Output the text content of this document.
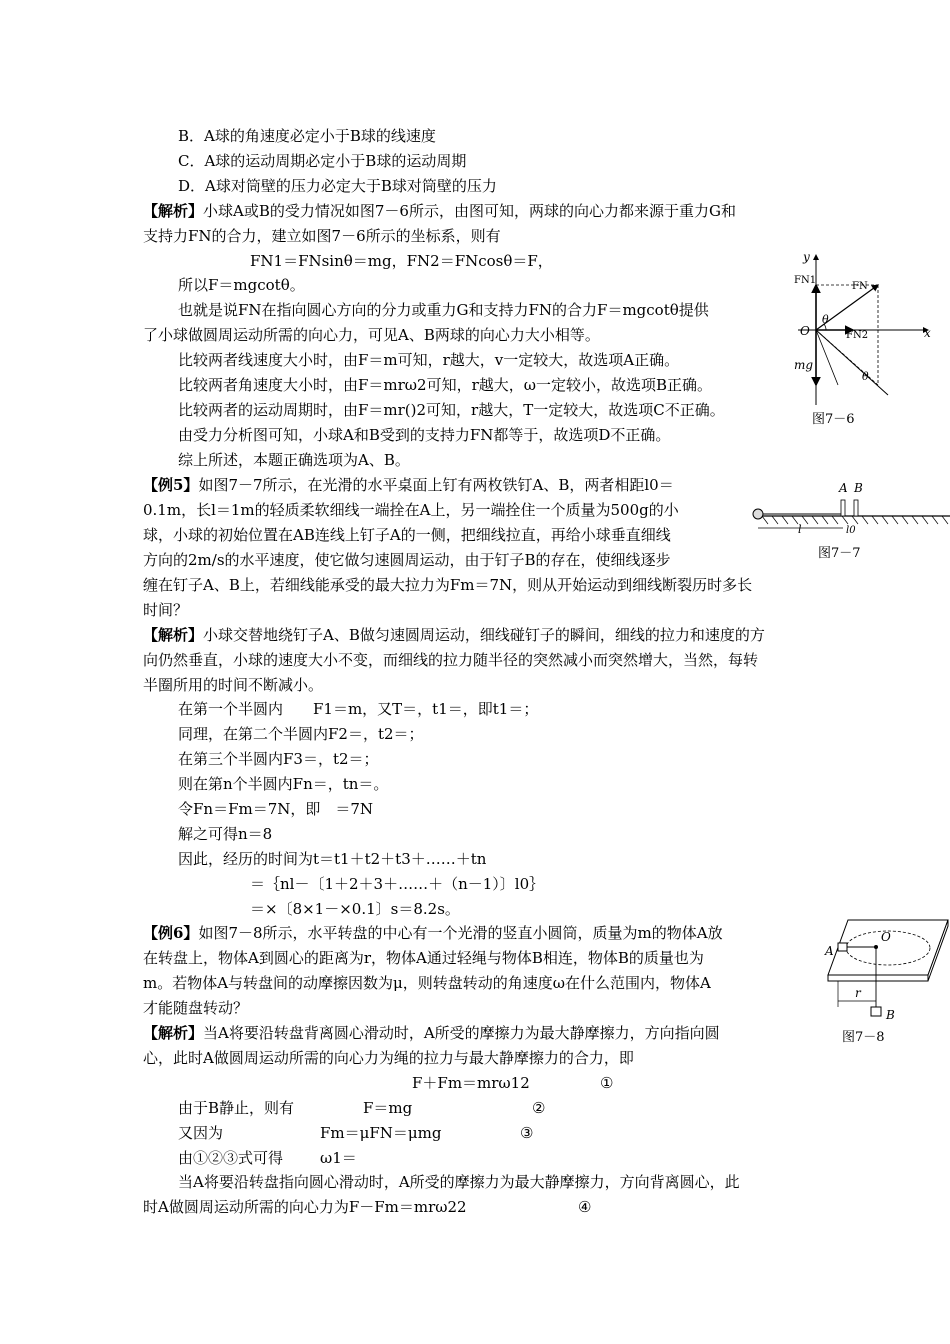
B．A球的角速度必定小于B球的线速度
C．A球的运动周期必定小于B球的运动周期
D．A球对筒壁的压力必定大于B球对筒壁的压力
【解析】小球A或B的受力情况如图7－6所示，由图可知，两球的向心力都来源于重力G和
支持力FN的合力，建立如图7－6所示的坐标系，则有
FN1＝FNsinθ＝mg，FN2＝FNcosθ＝F，
所以F＝mgcotθ。
也就是说FN在指向圆心方向的分力或重力G和支持力FN的合力F＝mgcotθ提供
了小球做圆周运动所需的向心力，可见A、B两球的向心力大小相等。
比较两者线速度大小时，由F＝m可知，r越大，v一定较大，故选项A正确。
比较两者角速度大小时，由F＝mrω2可知，r越大，ω一定较小，故选项B正确。
比较两者的运动周期时，由F＝mr()2可知，r越大，T一定较大，故选项C不正确。
由受力分析图可知，小球A和B受到的支持力FN都等于，故选项D不正确。
综上所述，本题正确选项为A、B。
y
x
O
FN1
FN
FN2
θ
θ
mg
图7－6
【例5】如图7－7所示，在光滑的水平桌面上钉有两枚铁钉A、B，两者相距l0＝
0.1m，长l＝1m的轻质柔软细线一端拴在A上，另一端拴住一个质量为500g的小
球，小球的初始位置在AB连线上钉子A的一侧，把细线拉直，再给小球垂直细线
方向的2m/s的水平速度，使它做匀速圆周运动，由于钉子B的存在，使细线逐步
缠在钉子A、B上，若细线能承受的最大拉力为Fm＝7N，则从开始运动到细线断裂历时多长
时间？
A B
l	l0
图7－7
【解析】小球交替地绕钉子A、B做匀速圆周运动，细线碰钉子的瞬间，细线的拉力和速度的方
向仍然垂直，小球的速度大小不变，而细线的拉力随半径的突然减小而突然增大，当然，每转
半圈所用的时间不断减小。
在第一个半圆内　　F1＝m，又T＝，t1＝，即t1＝；
同理，在第二个半圆内F2＝，t2＝；
在第三个半圆内F3＝，t2＝；
则在第n个半圆内Fn＝，tn＝。
令Fn＝Fm＝7N，即　＝7N
解之可得n＝8
因此，经历的时间为t＝t1＋t2＋t3＋……＋tn
＝｛nl－〔1＋2＋3＋……＋（n－1）〕l0｝
＝×〔8×1－×0.1〕s＝8.2s。
【例6】如图7－8所示，水平转盘的中心有一个光滑的竖直小圆筒，质量为m的物体A放
在转盘上，物体A到圆心的距离为r，物体A通过轻绳与物体B相连，物体B的质量也为
m。若物体A与转盘间的动摩擦因数为μ，则转盘转动的角速度ω在什么范围内，物体A
才能随盘转动？
A
O
r
B
图7－8
【解析】当A将要沿转盘背离圆心滑动时，A所受的摩擦力为最大静摩擦力，方向指向圆
心，此时A做圆周运动所需的向心力为绳的拉力与最大静摩擦力的合力，即
F＋Fm＝mrω12	①
由于B静止，则有	F＝mg	②
又因为	Fm＝μFN＝μmg	③
由①②③式可得 ω1＝
当A将要沿转盘指向圆心滑动时，A所受的摩擦力为最大静摩擦力，方向背离圆心，此
时A做圆周运动所需的向心力为F－Fm＝mrω22	④
